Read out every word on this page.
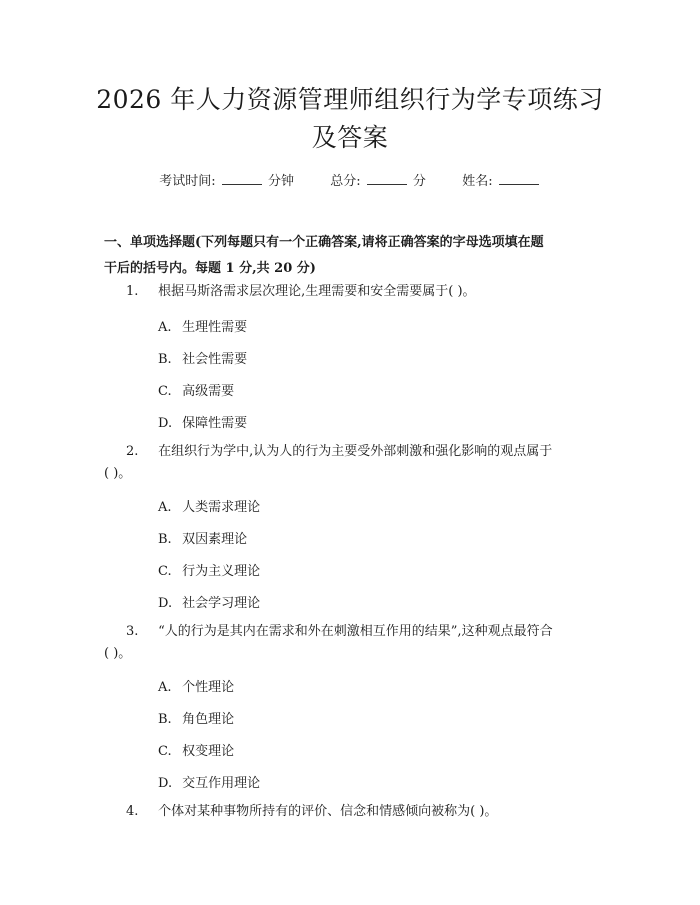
2026 年人力资源管理师组织行为学专项练习
及答案
考试时间:	分钟	总分:	分	姓名:
一、单项选择题(下列每题只有一个正确答案,请将正确答案的字母选项填在题
干后的括号内。每题 1 分,共 20 分)
1. 根据马斯洛需求层次理论,生理需要和安全需要属于( )。
A. 生理性需要
B. 社会性需要
C. 高级需要
D. 保障性需要
2. 在组织行为学中,认为人的行为主要受外部刺激和强化影响的观点属于
( )。
A. 人类需求理论
B. 双因素理论
C. 行为主义理论
D. 社会学习理论
3. “人的行为是其内在需求和外在刺激相互作用的结果”,这种观点最符合
( )。
A. 个性理论
B. 角色理论
C. 权变理论
D. 交互作用理论
4. 个体对某种事物所持有的评价、信念和情感倾向被称为( )。
